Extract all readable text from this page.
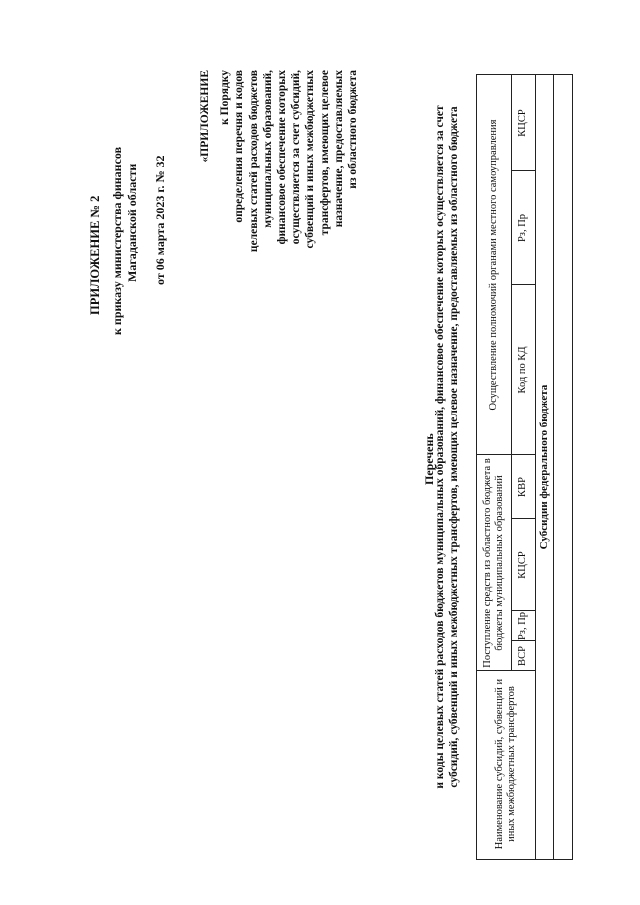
ПРИЛОЖЕНИЕ № 2 к приказу министерства финансов Магаданской области от 06 марта 2023 г. № 32
«ПРИЛОЖЕНИЕ к Порядку определения перечня и кодов целевых статей расходов бюджетов муниципальных образований, финансовое обеспечение которых осуществляется за счет субсидий, субвенций и иных межбюджетных трансфертов, имеющих целевое назначение, предоставляемых из областного бюджета
Перечень
и коды целевых статей расходов бюджетов муниципальных образований, финансовое обеспечение которых осуществляется за счет субсидий, субвенций и иных межбюджетных трансфертов, имеющих целевое назначение, предоставляемых из областного бюджета	Наименование субсидий, субвенций и иных межбюджетных трансфертов
Поступление средств из областного бюджета в бюджеты муниципальных образований
Осуществление полномочий органами местного самоуправления
ВСР
Рз, Пр
КЦСР
КВР
Код по КД
Рз, Пр
КЦСР
Субсидии федерального бюджета
